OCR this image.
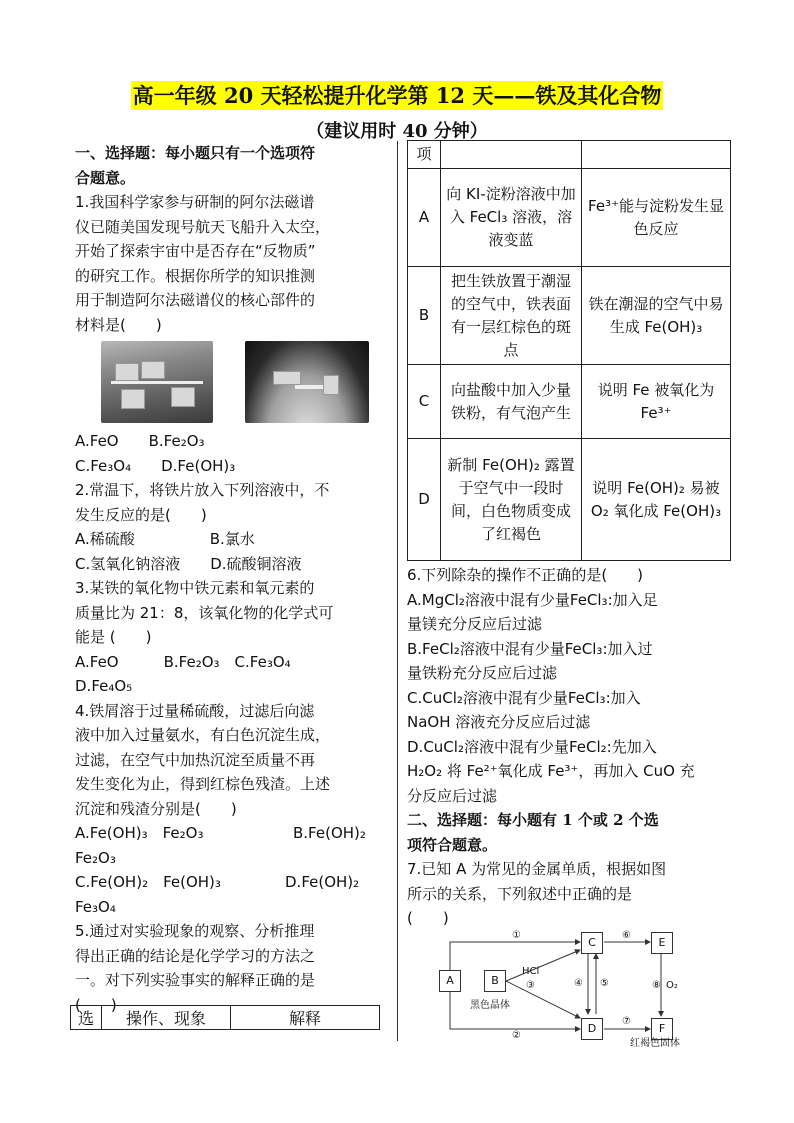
高一年级 20 天轻松提升化学第 12 天——铁及其化合物
（建议用时 40 分钟）
一、选择题：每小题只有一个选项符
合题意。
1.我国科学家参与研制的阿尔法磁谱
仪已随美国发现号航天飞船升入太空，
开始了探索宇宙中是否存在“反物质”
的研究工作。根据你所学的知识推测
用于制造阿尔法磁谱仪的核心部件的
材料是(　　)
A.FeO　　B.Fe₂O₃
C.Fe₃O₄　　D.Fe(OH)₃
2.常温下，将铁片放入下列溶液中，不
发生反应的是(　　)
A.稀硫酸　　　　　B.氯水
C.氢氧化钠溶液　　D.硫酸铜溶液
3.某铁的氧化物中铁元素和氧元素的
质量比为 21：8，该氧化物的化学式可
能是 (　　)
A.FeO　　　B.Fe₂O₃　C.Fe₃O₄
D.Fe₄O₅
4.铁屑溶于过量稀硫酸，过滤后向滤
液中加入过量氨水，有白色沉淀生成，
过滤，在空气中加热沉淀至质量不再
发生变化为止，得到红棕色残渣。上述
沉淀和残渣分别是(　　)
A.Fe(OH)₃　Fe₂O₃	B.Fe(OH)₂
Fe₂O₃
C.Fe(OH)₂　Fe(OH)₃	D.Fe(OH)₂
Fe₃O₄
5.通过对实验现象的观察、分析推理
得出正确的结论是化学学习的方法之
一。对下列实验事实的解释正确的是
(　　)
选	操作、现象	解释
项		
A	向 KI-淀粉溶液中加入 FeCl₃ 溶液，溶液变蓝	Fe³⁺能与淀粉发生显色反应
B	把生铁放置于潮湿的空气中，铁表面有一层红棕色的斑点	铁在潮湿的空气中易生成 Fe(OH)₃
C	向盐酸中加入少量铁粉，有气泡产生	说明 Fe 被氧化为 Fe³⁺
D	新制 Fe(OH)₂ 露置于空气中一段时间，白色物质变成了红褐色	说明 Fe(OH)₂ 易被 O₂ 氧化成 Fe(OH)₃
6.下列除杂的操作不正确的是(　　)
A.MgCl₂溶液中混有少量FeCl₃:加入足
量镁充分反应后过滤
B.FeCl₂溶液中混有少量FeCl₃:加入过
量铁粉充分反应后过滤
C.CuCl₂溶液中混有少量FeCl₃:加入
NaOH 溶液充分反应后过滤
D.CuCl₂溶液中混有少量FeCl₂:先加入
H₂O₂ 将 Fe²⁺氧化成 Fe³⁺，再加入 CuO 充
分反应后过滤
二、选择题：每小题有 1 个或 2 个选
项符合题意。
7.已知 A 为常见的金属单质，根据如图
所示的关系，下列叙述中正确的是
(　　)
A	B
C
D
E
F
黑色晶体
红褐色固体
HCl
O₂
①
②
③	④ ⑤
⑥
⑦
⑧
